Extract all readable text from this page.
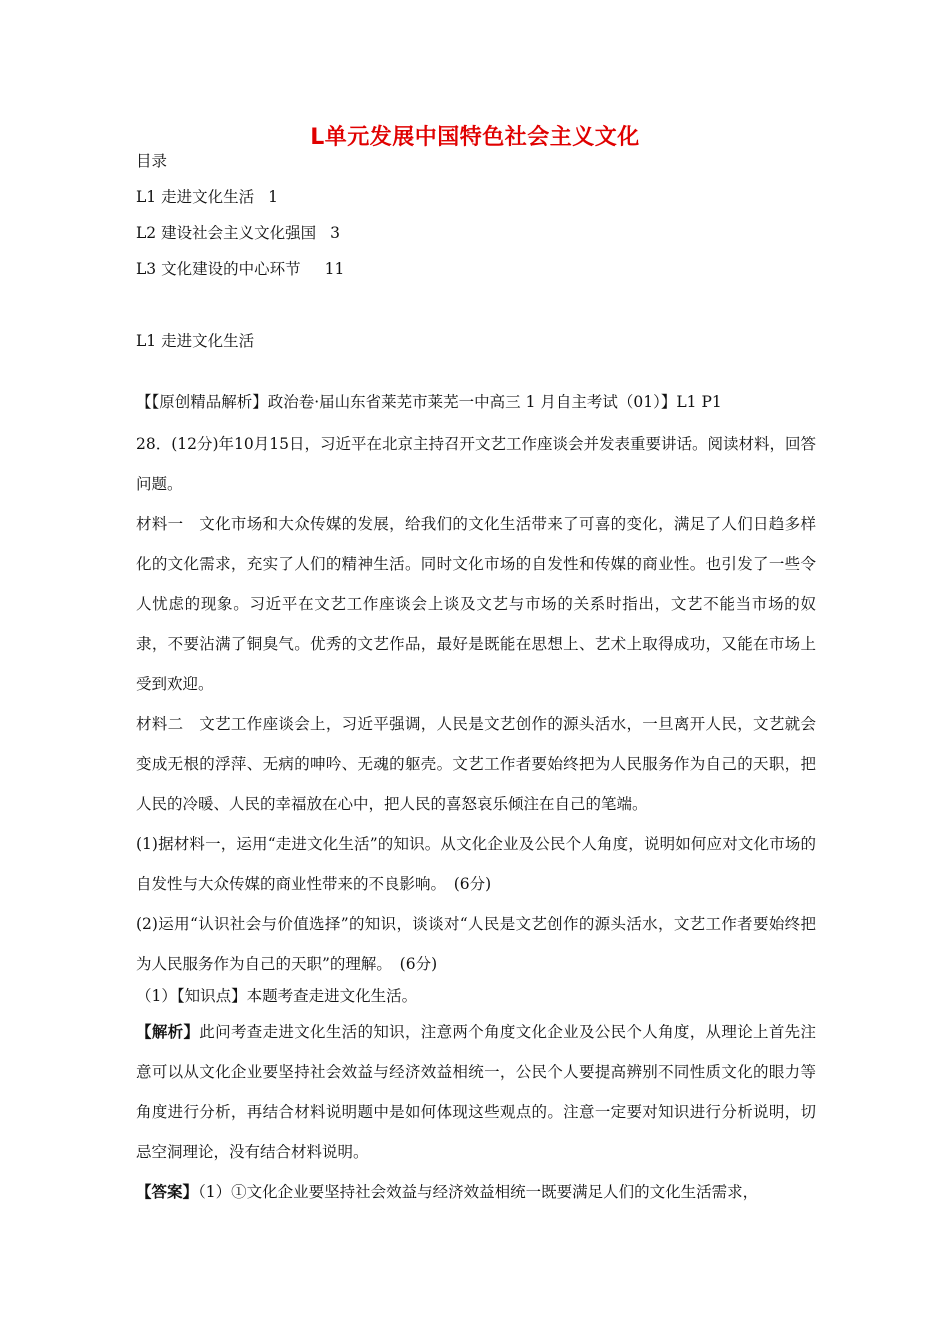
L单元发展中国特色社会主义文化
目录
L1 走进文化生活 1
L2 建设社会主义文化强国 3
L3 文化建设的中心环节 11
L1 走进文化生活
【【原创精品解析】政治卷·届山东省莱芜市莱芜一中高三 1 月自主考试（01）】L1 P1
28．(12分)年10月15日，习近平在北京主持召开文艺工作座谈会并发表重要讲话。阅读材料，回答问题。
材料一　文化市场和大众传媒的发展，给我们的文化生活带来了可喜的变化，满足了人们日趋多样化的文化需求，充实了人们的精神生活。同时文化市场的自发性和传媒的商业性。也引发了一些令人忧虑的现象。习近平在文艺工作座谈会上谈及文艺与市场的关系时指出，文艺不能当市场的奴隶，不要沾满了铜臭气。优秀的文艺作品，最好是既能在思想上、艺术上取得成功，又能在市场上受到欢迎。
材料二　文艺工作座谈会上，习近平强调，人民是文艺创作的源头活水，一旦离开人民，文艺就会变成无根的浮萍、无病的呻吟、无魂的躯壳。文艺工作者要始终把为人民服务作为自己的天职，把人民的冷暖、人民的幸福放在心中，把人民的喜怒哀乐倾注在自己的笔端。
(1)据材料一，运用“走进文化生活”的知识。从文化企业及公民个人角度，说明如何应对文化市场的自发性与大众传媒的商业性带来的不良影响。　(6分)
(2)运用“认识社会与价值选择”的知识，谈谈对“人民是文艺创作的源头活水，文艺工作者要始终把为人民服务作为自己的天职”的理解。　(6分)
（1）【知识点】本题考查走进文化生活。
【解析】此问考查走进文化生活的知识，注意两个角度文化企业及公民个人角度，从理论上首先注意可以从文化企业要坚持社会效益与经济效益相统一，公民个人要提高辨别不同性质文化的眼力等角度进行分析，再结合材料说明题中是如何体现这些观点的。注意一定要对知识进行分析说明，切忌空洞理论，没有结合材料说明。
【答案】（1）①文化企业要坚持社会效益与经济效益相统一既要满足人们的文化生活需求，
